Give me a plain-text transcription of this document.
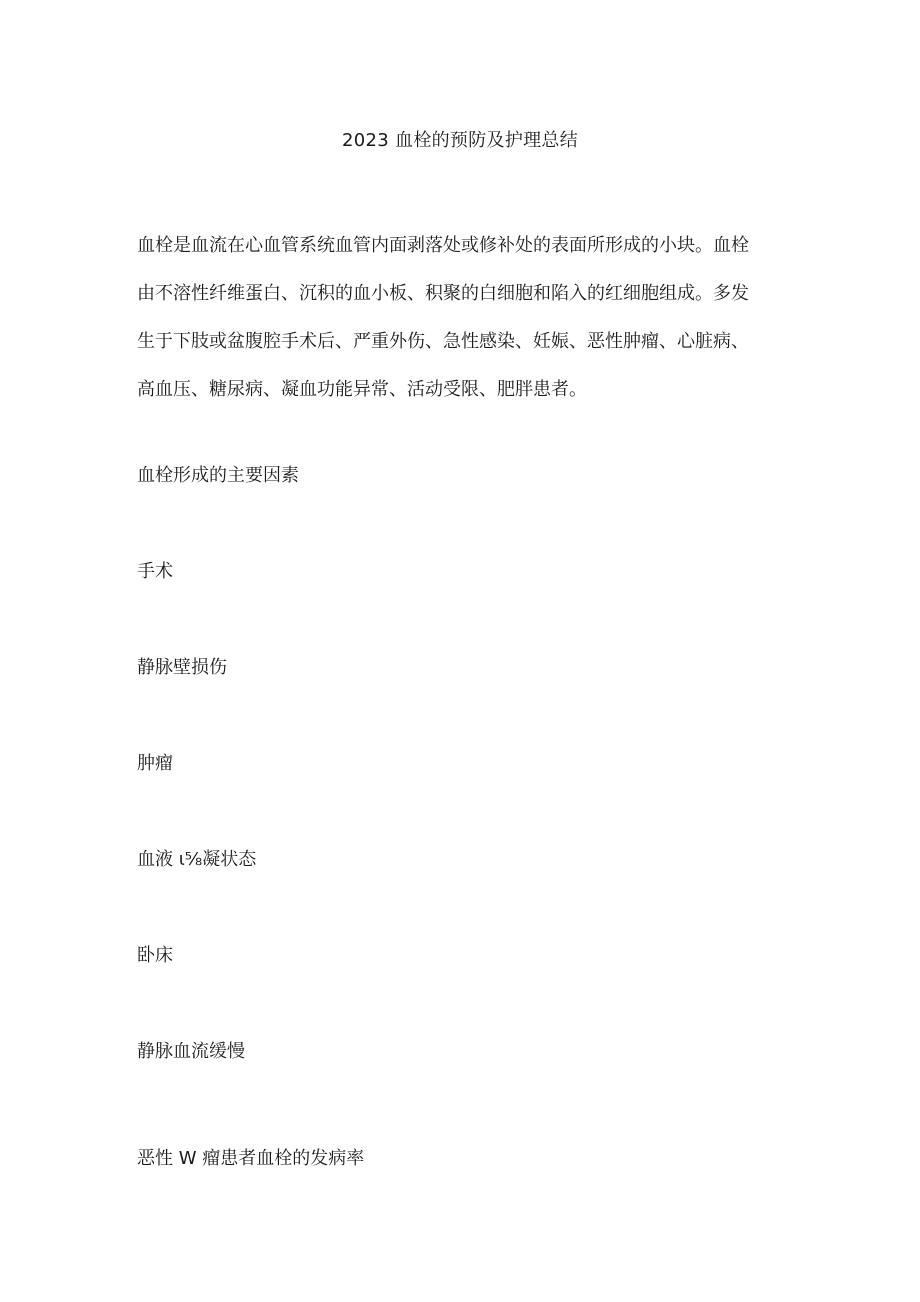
2023 血栓的预防及护理总结

血栓是血流在心血管系统血管内面剥落处或修补处的表面所形成的小块。血栓
由不溶性纤维蛋白、沉积的血小板、积聚的白细胞和陷入的红细胞组成。多发
生于下肢或盆腹腔手术后、严重外伤、急性感染、妊娠、恶性肿瘤、心脏病、
高血压、糖尿病、凝血功能异常、活动受限、肥胖患者。

血栓形成的主要因素
手术
静脉壁损伤
肿瘤
血液 ι⅝凝状态
卧床
静脉血流缓慢
恶性 W 瘤患者血栓的发病率
